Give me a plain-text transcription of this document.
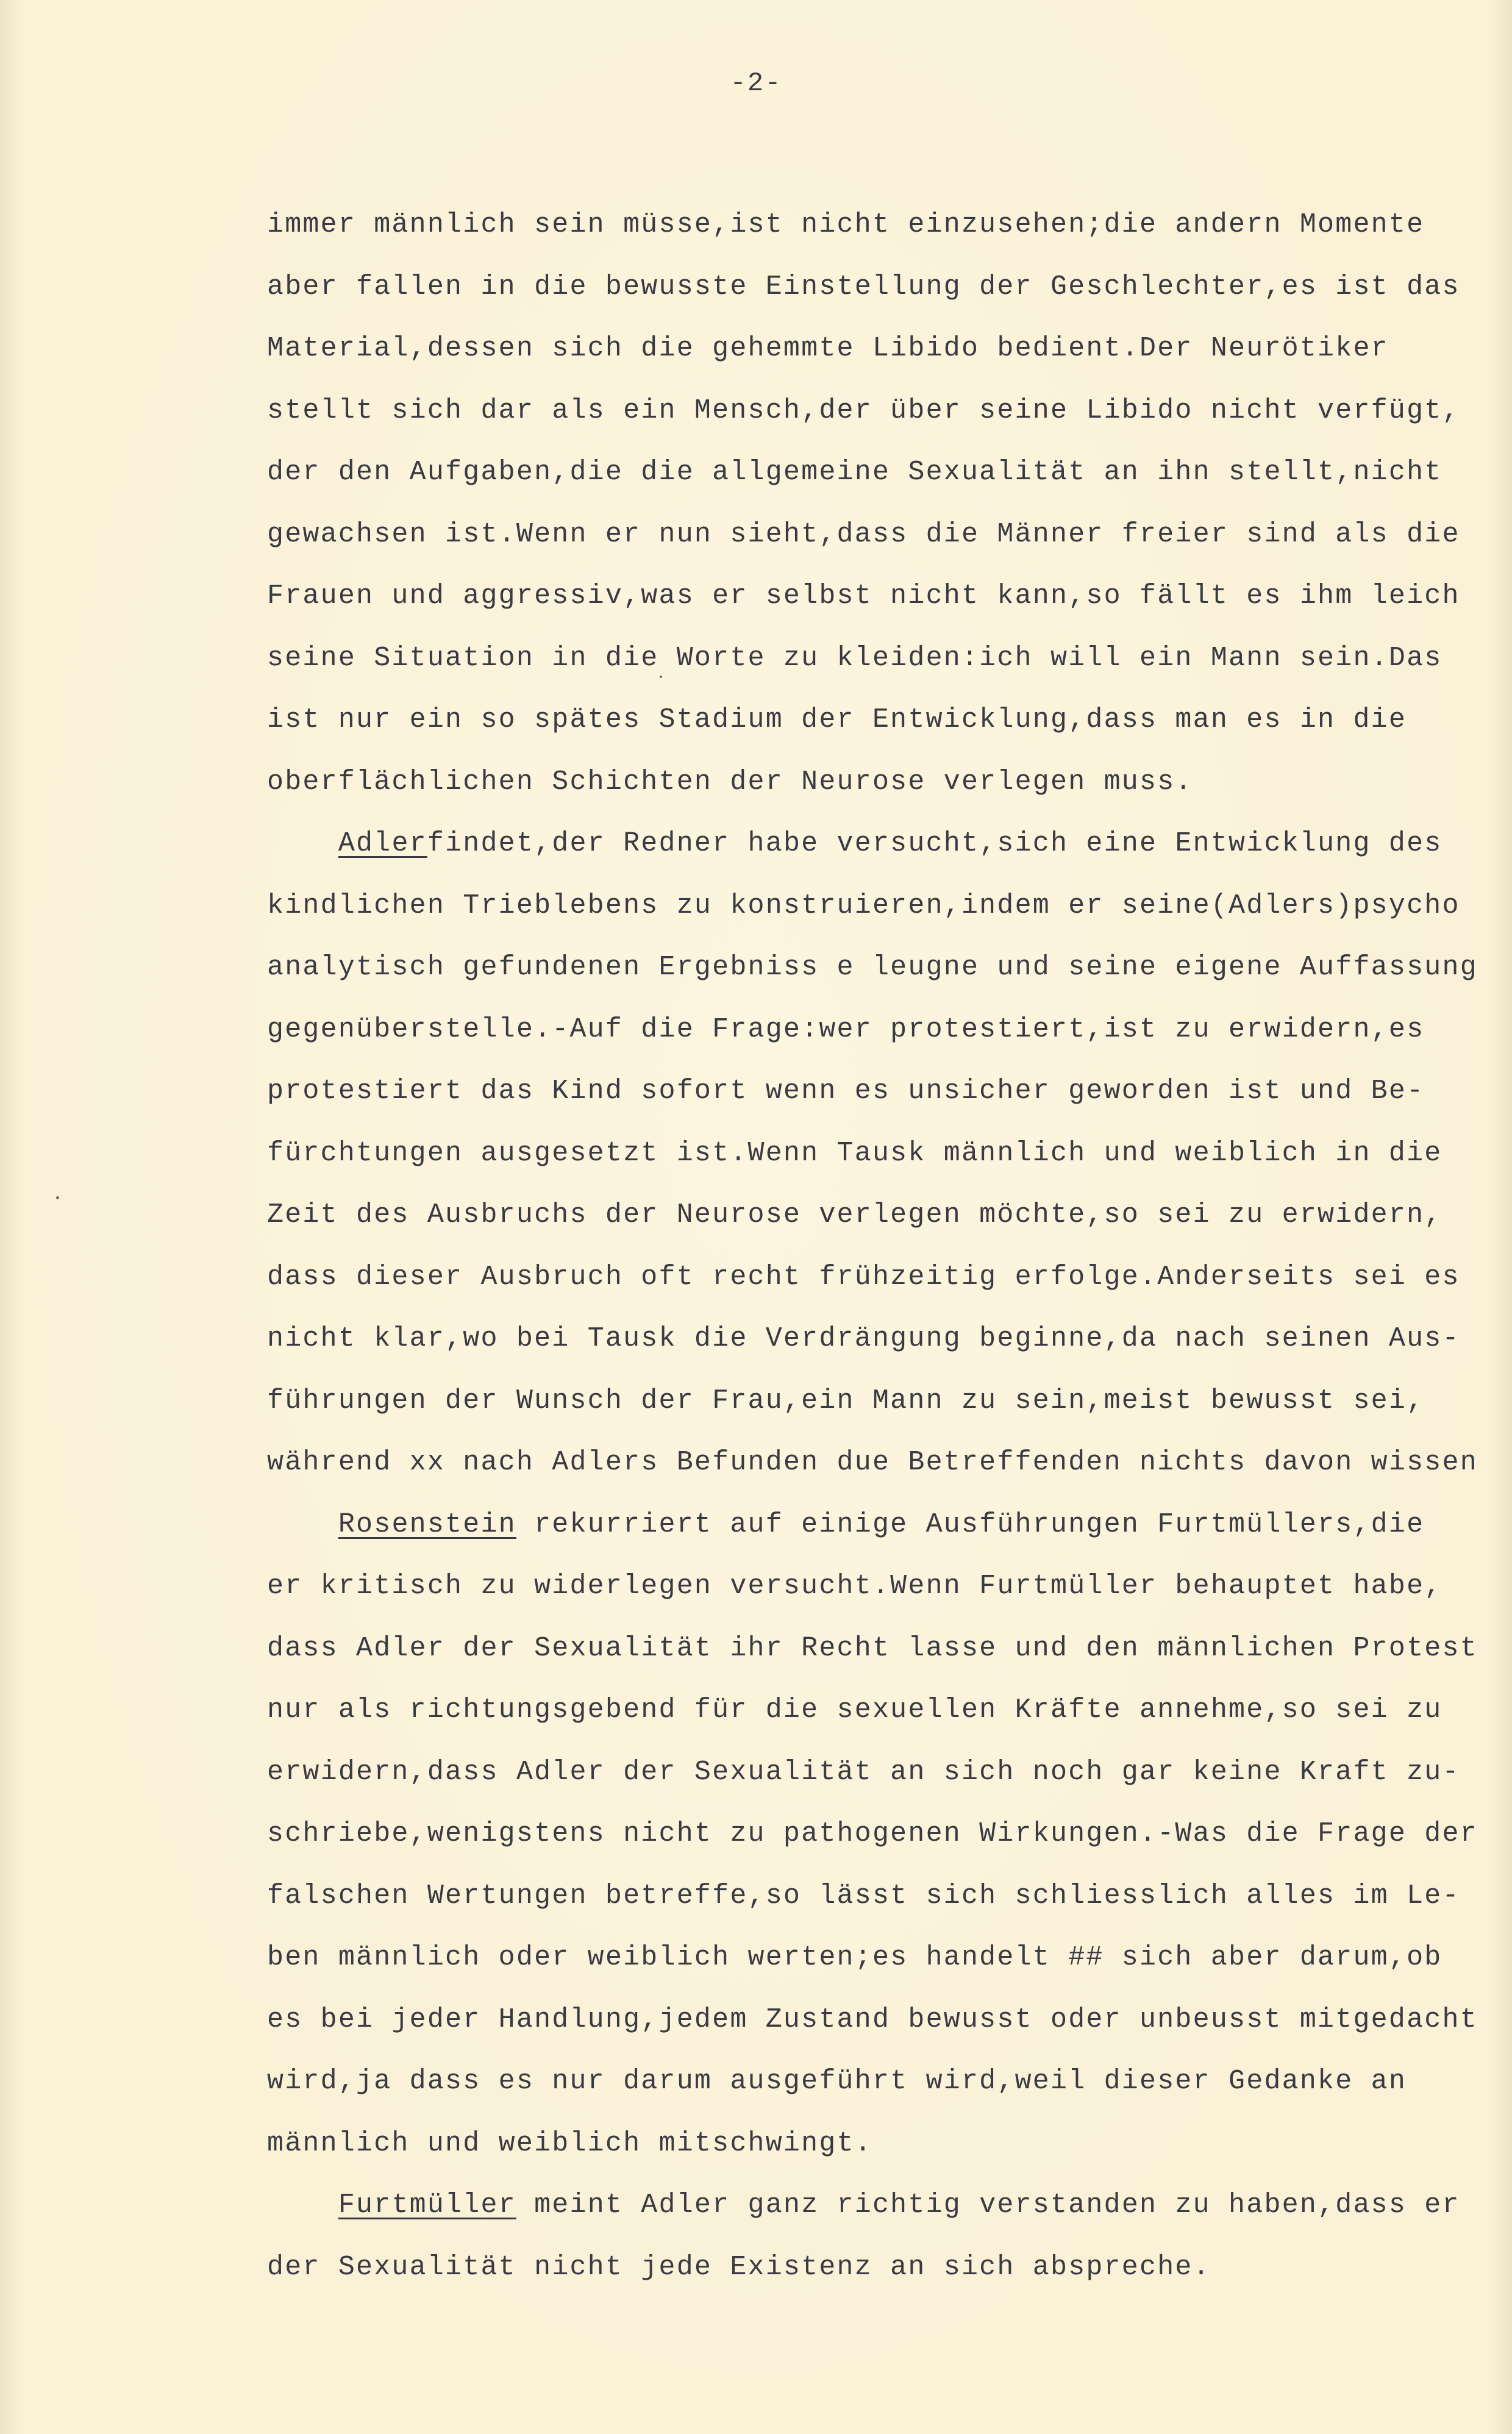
-2-
immer männlich sein müsse,ist nicht einzusehen;die andern Momente
aber fallen in die bewusste Einstellung der Geschlechter,es ist das
Material,dessen sich die gehemmte Libido bedient.Der Neurötiker
stellt sich dar als ein Mensch,der über seine Libido nicht verfügt,
der den Aufgaben,die die allgemeine Sexualität an ihn stellt,nicht
gewachsen ist.Wenn er nun sieht,dass die Männer freier sind als die
Frauen und aggressiv,was er selbst nicht kann,so fällt es ihm leich
seine Situation in die Worte zu kleiden:ich will ein Mann sein.Das
ist nur ein so spätes Stadium der Entwicklung,dass man es in die
oberflächlichen Schichten der Neurose verlegen muss.
Adlerfindet,der Redner habe versucht,sich eine Entwicklung des
kindlichen Trieblebens zu konstruieren,indem er seine(Adlers)psycho
analytisch gefundenen Ergebniss e leugne und seine eigene Auffassung
gegenüberstelle.-Auf die Frage:wer protestiert,ist zu erwidern,es
protestiert das Kind sofort wenn es unsicher geworden ist und Be-
fürchtungen ausgesetzt ist.Wenn Tausk männlich und weiblich in die
Zeit des Ausbruchs der Neurose verlegen möchte,so sei zu erwidern,
dass dieser Ausbruch oft recht frühzeitig erfolge.Anderseits sei es
nicht klar,wo bei Tausk die Verdrängung beginne,da nach seinen Aus-
führungen der Wunsch der Frau,ein Mann zu sein,meist bewusst sei,
während xx nach Adlers Befunden due Betreffenden nichts davon wissen
Rosenstein rekurriert auf einige Ausführungen Furtmüllers,die
er kritisch zu widerlegen versucht.Wenn Furtmüller behauptet habe,
dass Adler der Sexualität ihr Recht lasse und den männlichen Protest
nur als richtungsgebend für die sexuellen Kräfte annehme,so sei zu
erwidern,dass Adler der Sexualität an sich noch gar keine Kraft zu-
schriebe,wenigstens nicht zu pathogenen Wirkungen.-Was die Frage der
falschen Wertungen betreffe,so lässt sich schliesslich alles im Le-
ben männlich oder weiblich werten;es handelt ## sich aber darum,ob
es bei jeder Handlung,jedem Zustand bewusst oder unbeusst mitgedacht
wird,ja dass es nur darum ausgeführt wird,weil dieser Gedanke an
männlich und weiblich mitschwingt.
Furtmüller meint Adler ganz richtig verstanden zu haben,dass er
der Sexualität nicht jede Existenz an sich abspreche.
